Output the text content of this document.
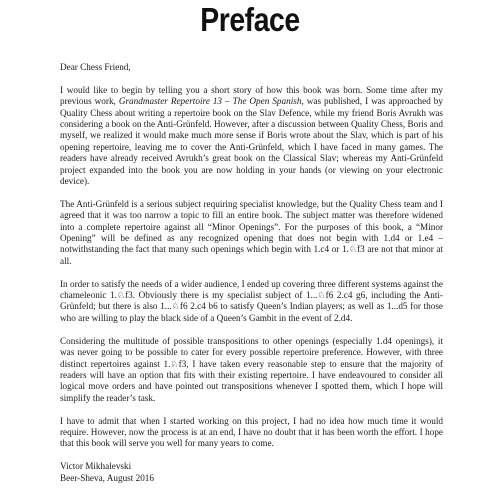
Preface

Dear Chess Friend,

I would like to begin by telling you a short story of how this book was born. Some time after my previous work, Grandmaster Repertoire 13 – The Open Spanish, was published, I was approached by Quality Chess about writing a repertoire book on the Slav Defence, while my friend Boris Avrukh was considering a book on the Anti-Grünfeld. However, after a discussion between Quality Chess, Boris and myself, we realized it would make much more sense if Boris wrote about the Slav, which is part of his opening repertoire, leaving me to cover the Anti-Grünfeld, which I have faced in many games. The readers have already received Avrukh’s great book on the Classical Slav; whereas my Anti-Grünfeld project expanded into the book you are now holding in your hands (or viewing on your electronic device).

The Anti-Grünfeld is a serious subject requiring specialist knowledge, but the Quality Chess team and I agreed that it was too narrow a topic to fill an entire book. The subject matter was therefore widened into a complete repertoire against all “Minor Openings”. For the purposes of this book, a “Minor Opening” will be defined as any recognized opening that does not begin with 1.d4 or 1.e4 – notwithstanding the fact that many such openings which begin with 1.c4 or 1.♘f3 are not that minor at all.

In order to satisfy the needs of a wider audience, I ended up covering three different systems against the chameleonic 1.♘f3. Obviously there is my specialist subject of 1...♘f6 2.c4 g6, including the Anti-Grünfeld; but there is also 1...♘f6 2.c4 b6 to satisfy Queen’s Indian players; as well as 1...d5 for those who are willing to play the black side of a Queen’s Gambit in the event of 2.d4.

Considering the multitude of possible transpositions to other openings (especially 1.d4 openings), it was never going to be possible to cater for every possible repertoire preference. However, with three distinct repertoires against 1.♘f3, I have taken every reasonable step to ensure that the majority of readers will have an option that fits with their existing repertoire. I have endeavoured to consider all logical move orders and have pointed out transpositions whenever I spotted them, which I hope will simplify the reader’s task.

I have to admit that when I started working on this project, I had no idea how much time it would require. However, now the process is at an end, I have no doubt that it has been worth the effort. I hope that this book will serve you well for many years to come.

Victor Mikhalevski
Beer-Sheva, August 2016
